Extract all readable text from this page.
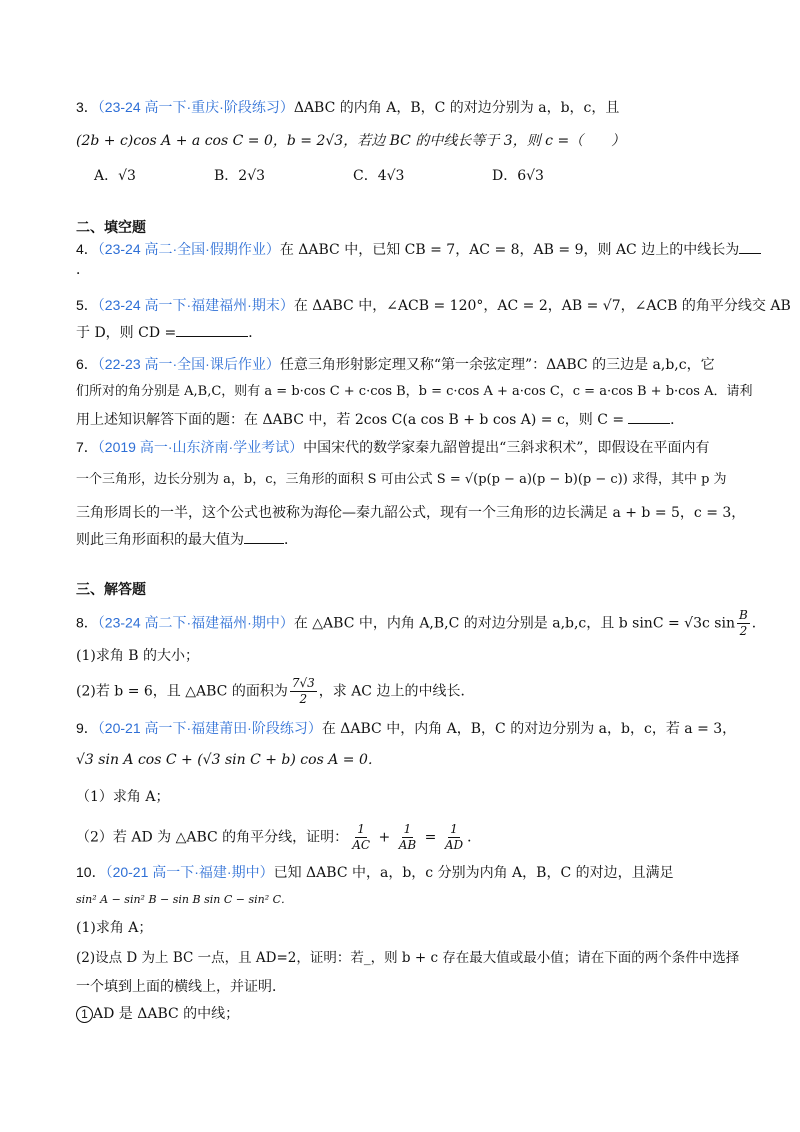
3．（23-24 高一下·重庆·阶段练习）ΔABC 的内角 A，B，C 的对边分别为 a，b，c，且
(2b + c)cos A + a cos C = 0，b = 2√3，若边 BC 的中线长等于 3，则 c =（　　）
A．√3	B．2√3	C．4√3	D．6√3
二、填空题
4．（23-24 高二·全国·假期作业）在 ΔABC 中，已知 CB = 7，AC = 8，AB = 9，则 AC 边上的中线长为
．
5．（23-24 高一下·福建福州·期末）在 ΔABC 中，∠ACB = 120°，AC = 2，AB = √7，∠ACB 的角平分线交 AB
于 D，则 CD =	．
6．（22-23 高一·全国·课后作业）任意三角形射影定理又称“第一余弦定理”：ΔABC 的三边是 a,b,c，它
们所对的角分别是 A,B,C，则有 a = b·cos C + c·cos B，b = c·cos A + a·cos C，c = a·cos B + b·cos A．请利
用上述知识解答下面的题：在 ΔABC 中，若 2cos C(a cos B + b cos A) = c，则 C =	．
7．（2019 高一·山东济南·学业考试）中国宋代的数学家秦九韶曾提出“三斜求积术”，即假设在平面内有
一个三角形，边长分别为 a，b，c，三角形的面积 S 可由公式 S = √(p(p − a)(p − b)(p − c)) 求得，其中 p 为
三角形周长的一半，这个公式也被称为海伦—秦九韶公式，现有一个三角形的边长满足 a + b = 5，c = 3，
则此三角形面积的最大值为	．
三、解答题
8．（23-24 高二下·福建福州·期中）在 △ABC 中，内角 A,B,C 的对边分别是 a,b,c，且 b sinC = √3c $\sin \frac{B}{2}$ ．
(1)求角 B 的大小；
(2)若 b = 6，且 △ABC 的面积为 $\frac{7√3}{2}$ ，求 AC 边上的中线长．
9．（20-21 高一下·福建莆田·阶段练习）在 ΔABC 中，内角 A，B，C 的对边分别为 a，b，c，若 a = 3，
√3 sin A cos C + (√3 sin C + b) cos A = 0．
（1）求角 A；
（2）若 AD 为 △ABC 的角平分线，证明： $\frac{1}{AC} + \frac{1}{AB} = \frac{1}{AD}$ ．
10．（20-21 高一下·福建·期中）已知 ΔABC 中，a，b，c 分别为内角 A，B，C 的对边，且满足
sin² A − sin² B − sin B sin C − sin² C．
(1)求角 A；
(2)设点 D 为上 BC 一点，且 AD=2，证明：若_，则 b + c 存在最大值或最小值；请在下面的两个条件中选择
一个填到上面的横线上，并证明．
1 AD 是 ΔABC 的中线；
